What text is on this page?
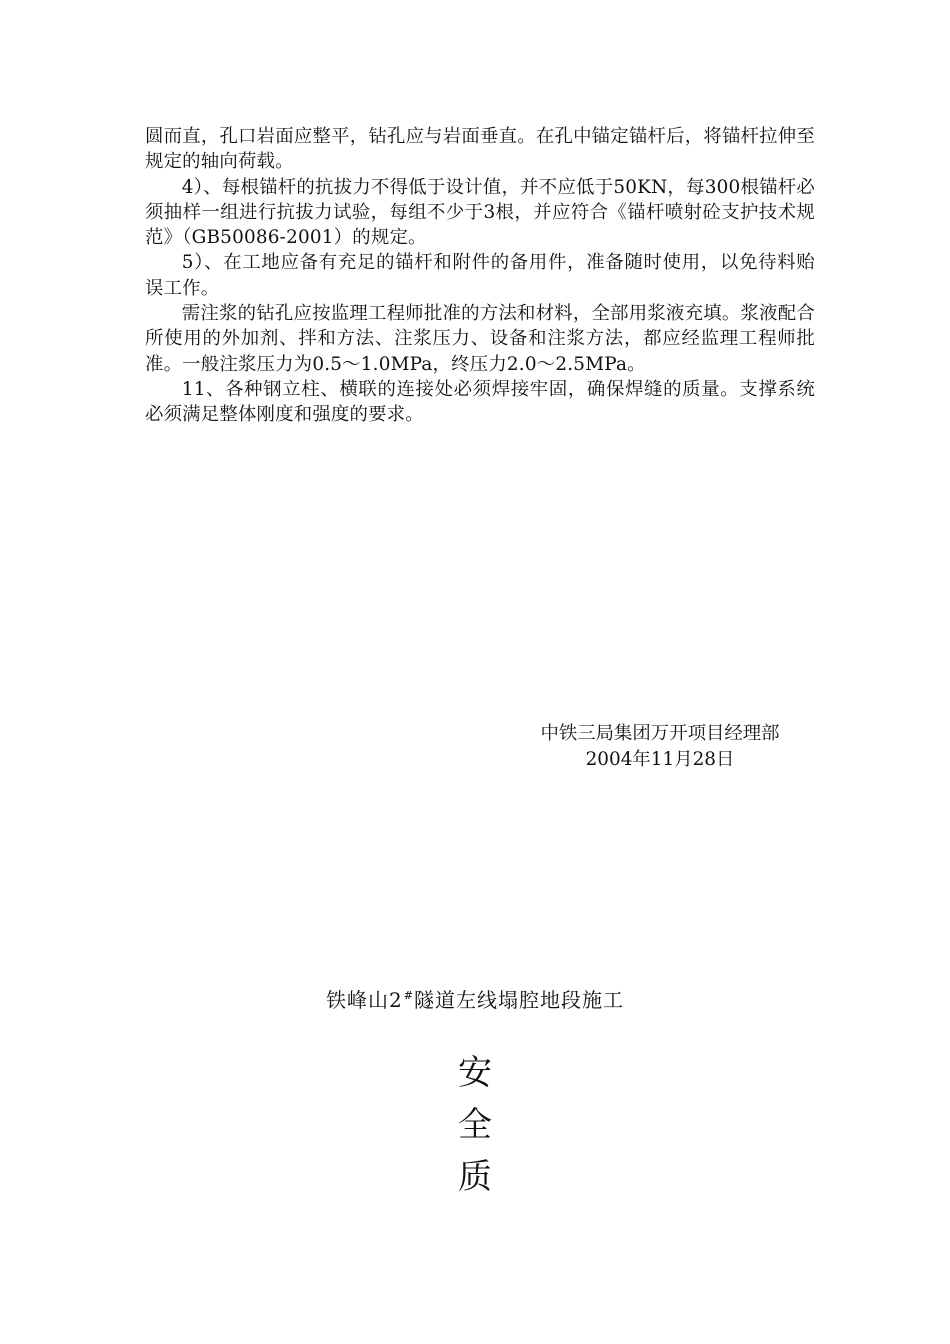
圆而直，孔口岩面应整平，钻孔应与岩面垂直。在孔中锚定锚杆后，将锚杆拉伸至规定的轴向荷载。

4）、每根锚杆的抗拔力不得低于设计值，并不应低于50KN，每300根锚杆必须抽样一组进行抗拔力试验，每组不少于3根，并应符合《锚杆喷射砼支护技术规范》（GB50086-2001）的规定。

5）、在工地应备有充足的锚杆和附件的备用件，准备随时使用，以免待料贻误工作。

需注浆的钻孔应按监理工程师批准的方法和材料，全部用浆液充填。浆液配合所使用的外加剂、拌和方法、注浆压力、设备和注浆方法，都应经监理工程师批准。一般注浆压力为0.5～1.0MPa，终压力2.0～2.5MPa。

11、各种钢立柱、横联的连接处必须焊接牢固，确保焊缝的质量。支撑系统必须满足整体刚度和强度的要求。

中铁三局集团万开项目经理部
2004年11月28日
铁峰山2#隧道左线塌腔地段施工
安
全
质
